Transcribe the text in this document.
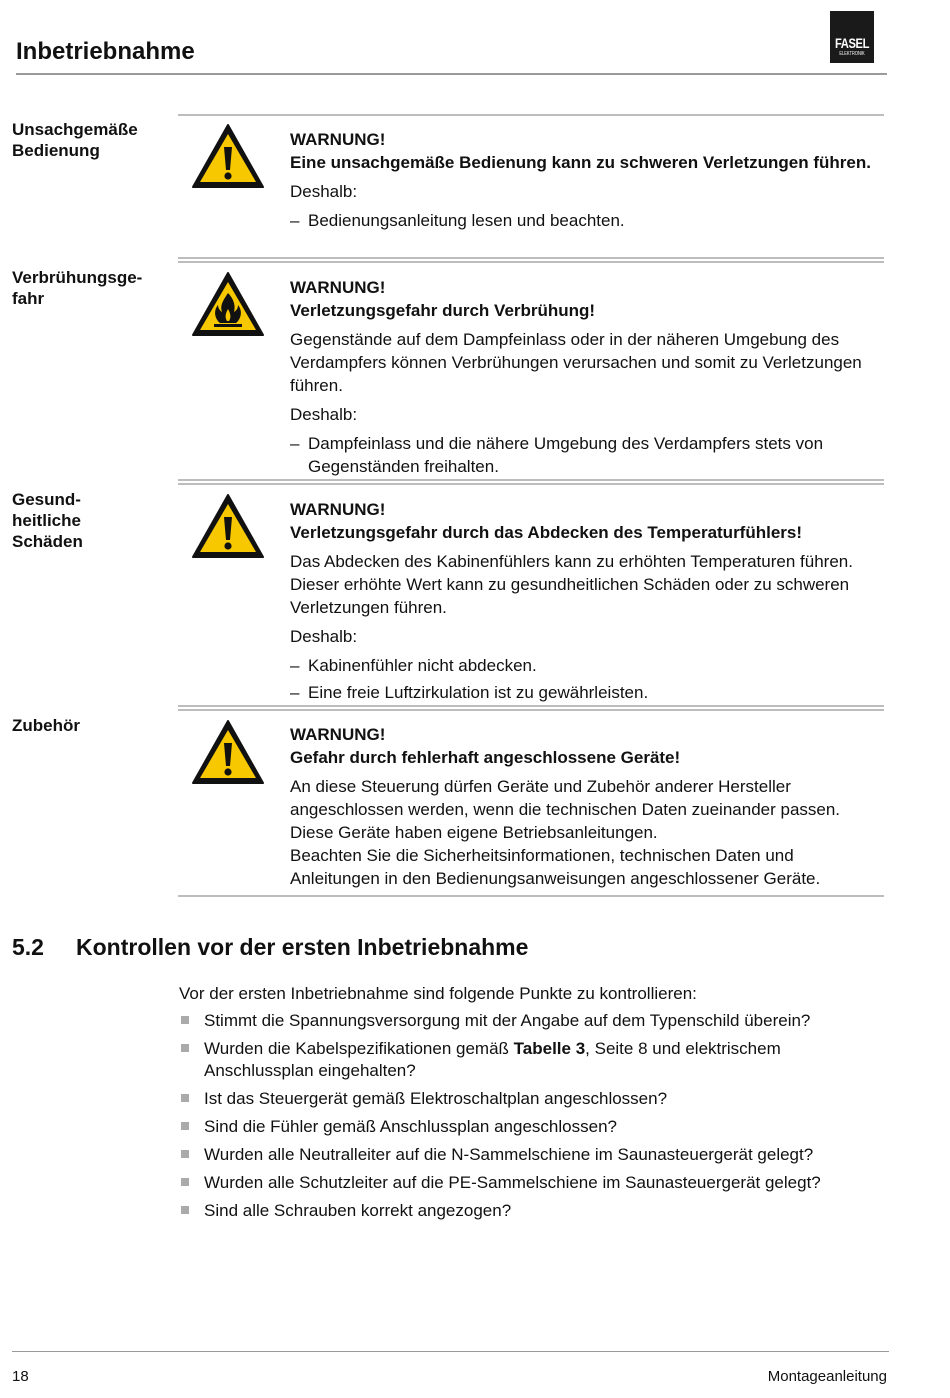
Inbetriebnahme	FASEL
ELEKTRONIK
Unsachgemäße Bedienung

WARNUNG!

Eine unsachgemäße Bedienung kann zu schweren Verletzungen führen.

Deshalb:

– Bedienungsanleitung lesen und beachten.

Verbrühungsge-
fahr

WARNUNG!

Verletzungsgefahr durch Verbrühung!

Gegenstände auf dem Dampfeinlass oder in der näheren Umgebung des Verdampfers können Verbrühungen verursachen und somit zu Verletzungen führen.

Deshalb:

– Dampfeinlass und die nähere Umgebung des Verdampfers stets von Gegenständen freihalten.

Gesund-
heitliche
Schäden

WARNUNG!

Verletzungsgefahr durch das Abdecken des Temperaturfühlers!

Das Abdecken des Kabinenfühlers kann zu erhöhten Temperaturen führen. Dieser erhöhte Wert kann zu gesundheitlichen Schäden oder zu schweren Verletzungen führen.

Deshalb:

– Kabinenfühler nicht abdecken.

– Eine freie Luftzirkulation ist zu gewährleisten.

Zubehör	WARNUNG!

Gefahr durch fehlerhaft angeschlossene Geräte!

An diese Steuerung dürfen Geräte und Zubehör anderer Hersteller angeschlossen werden, wenn die technischen Daten zueinander passen. Diese Geräte haben eigene Betriebsanleitungen.

Beachten Sie die Sicherheitsinformationen, technischen Daten und Anleitungen in den Bedienungsanweisungen angeschlossener Geräte.

5.2 Kontrollen vor der ersten Inbetriebnahme
Vor der ersten Inbetriebnahme sind folgende Punkte zu kontrollieren:
Stimmt die Spannungsversorgung mit der Angabe auf dem Typenschild überein?
Wurden die Kabelspezifikationen gemäß Tabelle 3, Seite 8 und elektrischem Anschlussplan eingehalten?
Ist das Steuergerät gemäß Elektroschaltplan angeschlossen?
Sind die Fühler gemäß Anschlussplan angeschlossen?
Wurden alle Neutralleiter auf die N-Sammelschiene im Saunasteuergerät gelegt?
Wurden alle Schutzleiter auf die PE-Sammelschiene im Saunasteuergerät gelegt?
Sind alle Schrauben korrekt angezogen?
18	Montageanleitung
